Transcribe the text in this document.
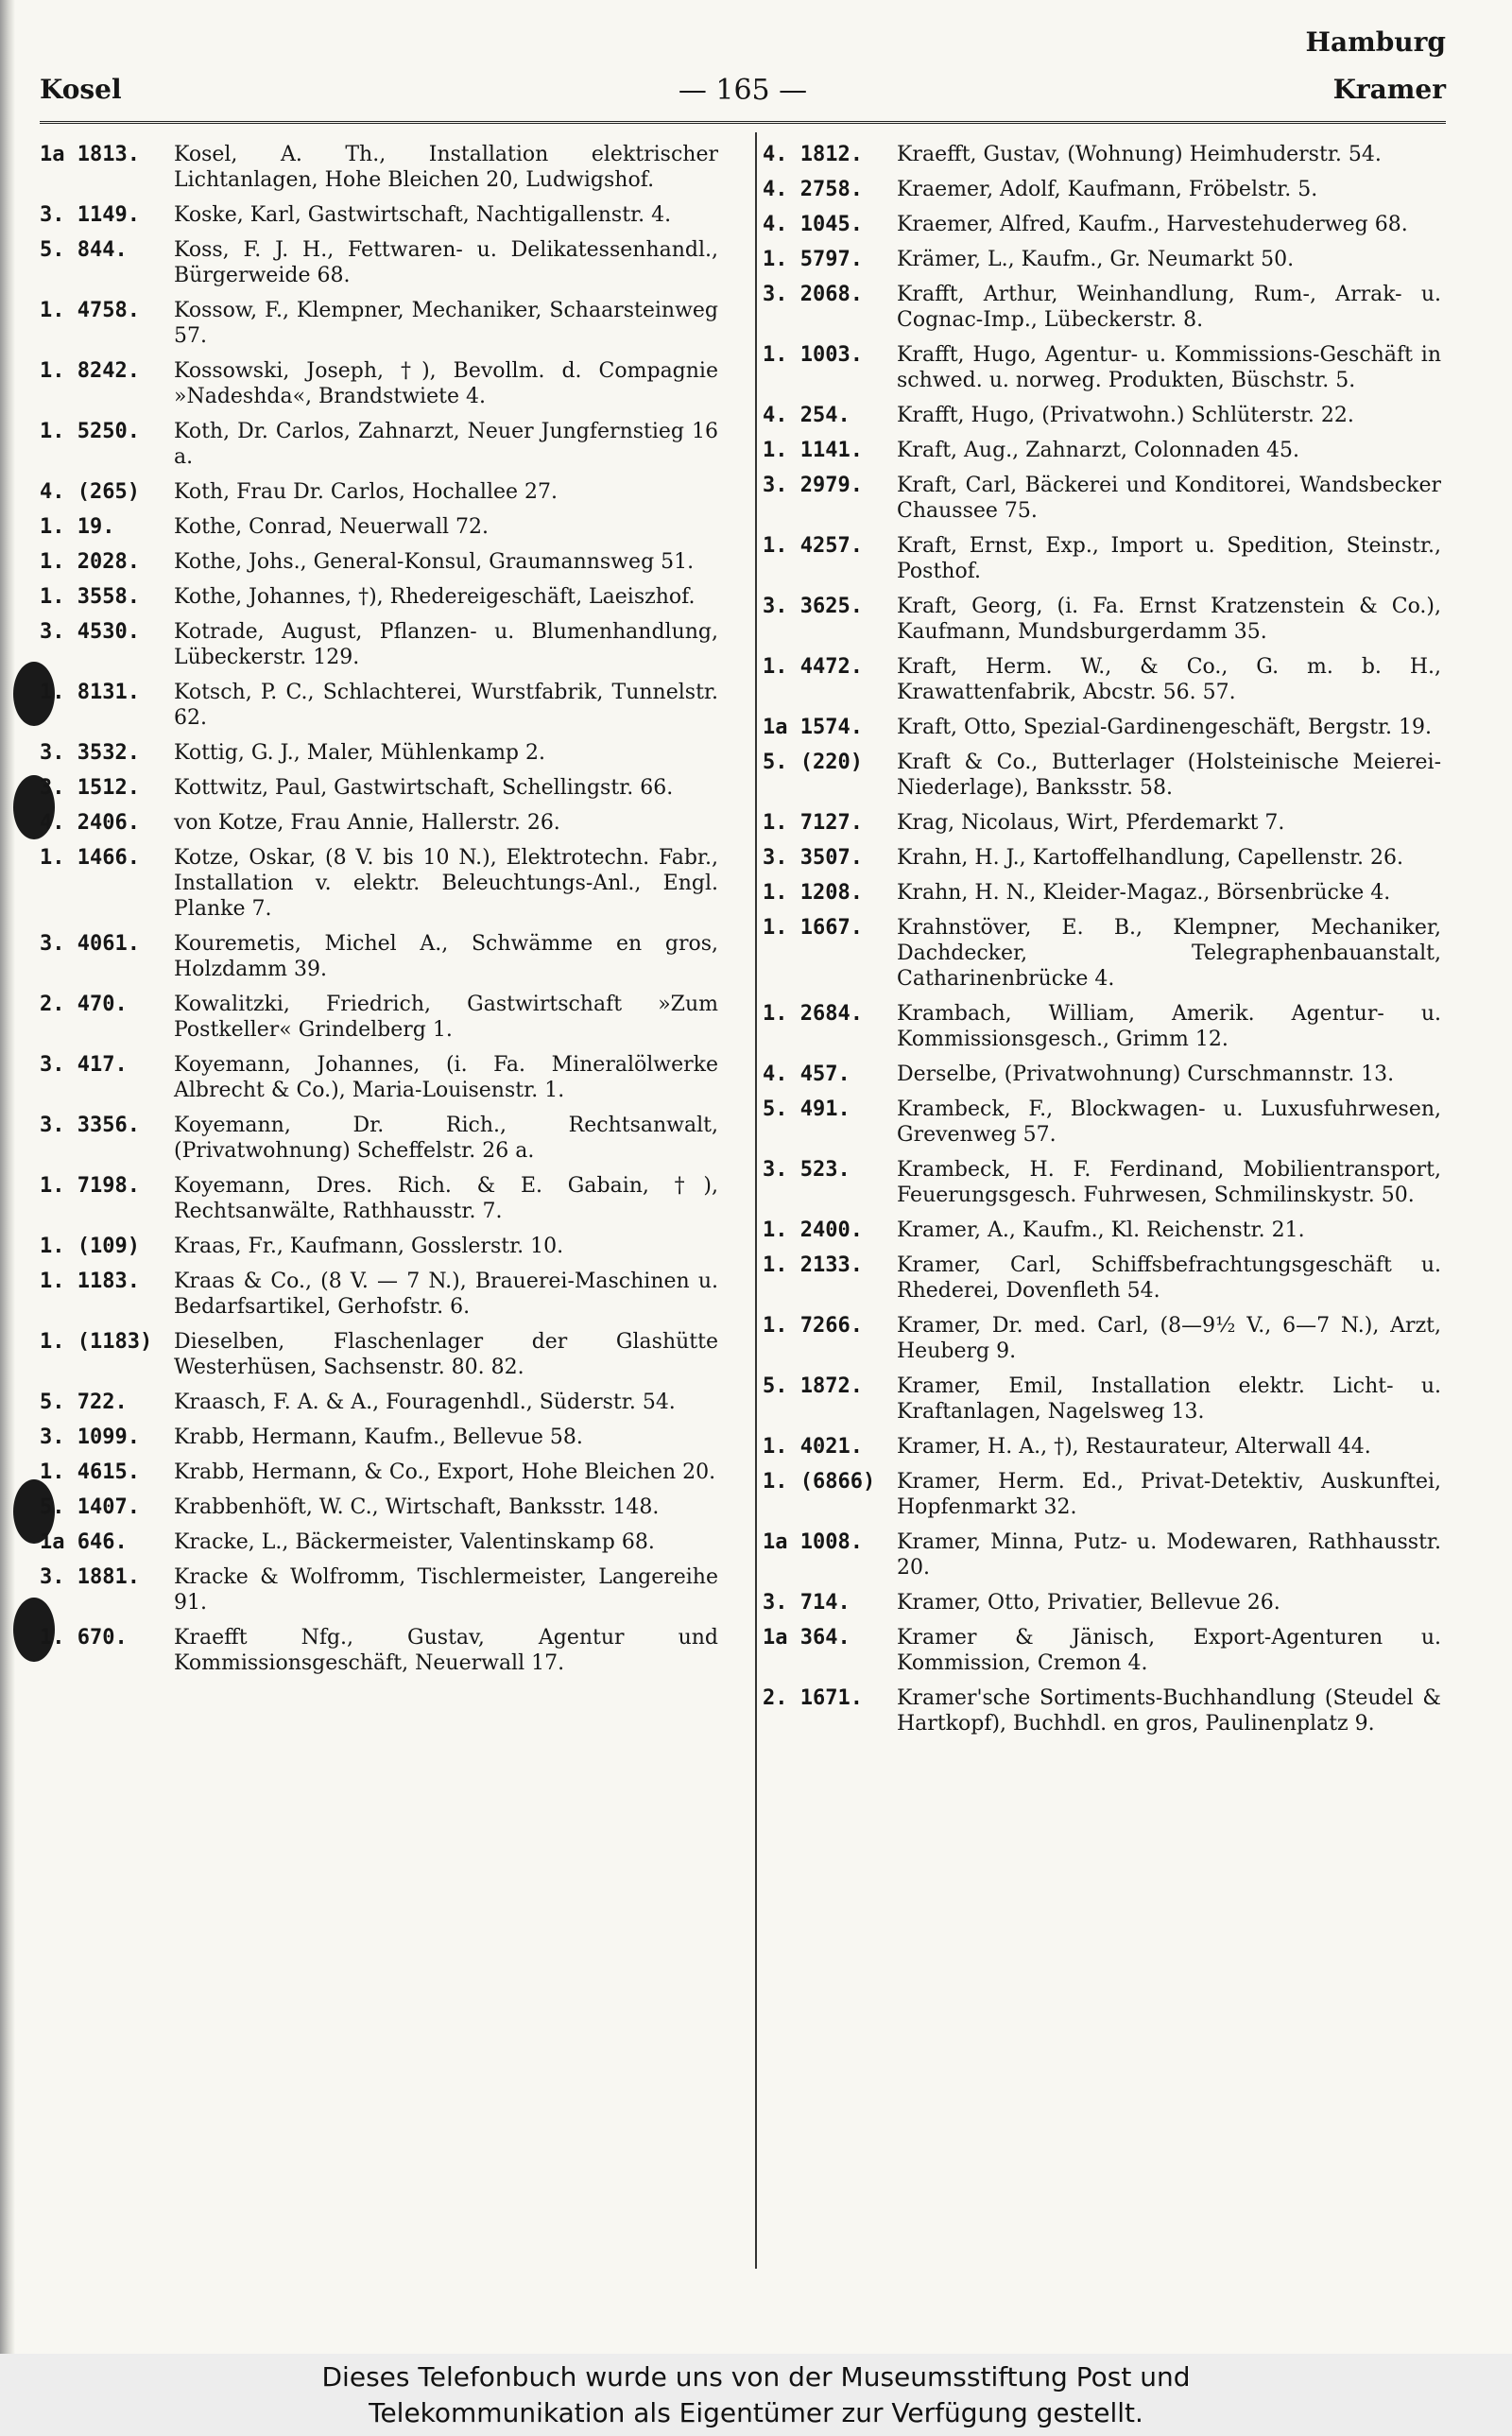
Hamburg
Kosel	— 165 —	Kramer
1a 1813.	Kosel, A. Th., Installation elektrischer Lichtanlagen, Hohe Bleichen 20, Ludwigshof.
3. 1149.	Koske, Karl, Gastwirtschaft, Nachtigallenstr. 4.
5. 844.	Koss, F. J. H., Fettwaren- u. Delikatessenhandl., Bürgerweide 68.
1. 4758.	Kossow, F., Klempner, Mechaniker, Schaarsteinweg 57.
1. 8242.	Kossowski, Joseph, †), Bevollm. d. Compagnie »Nadeshda«, Brandstwiete 4.
1. 5250.	Koth, Dr. Carlos, Zahnarzt, Neuer Jungfernstieg 16 a.
4. (265)	Koth, Frau Dr. Carlos, Hochallee 27.
1. 19.	Kothe, Conrad, Neuerwall 72.
1. 2028.	Kothe, Johs., General-Konsul, Graumannsweg 51.
1. 3558.	Kothe, Johannes, †), Rhedereigeschäft, Laeiszhof.
3. 4530.	Kotrade, August, Pflanzen- u. Blumenhandlung, Lübeckerstr. 129.
1. 8131.	Kotsch, P. C., Schlachterei, Wurstfabrik, Tunnelstr. 62.
3. 3532.	Kottig, G. J., Maler, Mühlenkamp 2.
3. 1512.	Kottwitz, Paul, Gastwirtschaft, Schellingstr. 66.
4. 2406.	von Kotze, Frau Annie, Hallerstr. 26.
1. 1466.	Kotze, Oskar, (8 V. bis 10 N.), Elektrotechn. Fabr., Installation v. elektr. Beleuchtungs-Anl., Engl. Planke 7.
3. 4061.	Kouremetis, Michel A., Schwämme en gros, Holzdamm 39.
2. 470.	Kowalitzki, Friedrich, Gastwirtschaft »Zum Postkeller« Grindelberg 1.
3. 417.	Koyemann, Johannes, (i. Fa. Mineralölwerke Albrecht & Co.), Maria-Louisenstr. 1.
3. 3356.	Koyemann, Dr. Rich., Rechtsanwalt, (Privatwohnung) Scheffelstr. 26 a.
1. 7198.	Koyemann, Dres. Rich. & E. Gabain, †), Rechtsanwälte, Rathhausstr. 7.
1. (109)	Kraas, Fr., Kaufmann, Gosslerstr. 10.
1. 1183.	Kraas & Co., (8 V. — 7 N.), Brauerei-Maschinen u. Bedarfsartikel, Gerhofstr. 6.
1. (1183)	Dieselben, Flaschenlager der Glashütte Westerhüsen, Sachsenstr. 80. 82.
5. 722.	Kraasch, F. A. & A., Fouragenhdl., Süderstr. 54.
3. 1099.	Krabb, Hermann, Kaufm., Bellevue 58.
1. 4615.	Krabb, Hermann, & Co., Export, Hohe Bleichen 20.
5. 1407.	Krabbenhöft, W. C., Wirtschaft, Banksstr. 148.
1a 646.	Kracke, L., Bäckermeister, Valentinskamp 68.
3. 1881.	Kracke & Wolfromm, Tischlermeister, Langereihe 91.
1. 670.	Kraefft Nfg., Gustav, Agentur und Kommissionsgeschäft, Neuerwall 17.
4. 1812.	Kraefft, Gustav, (Wohnung) Heimhuderstr. 54.
4. 2758.	Kraemer, Adolf, Kaufmann, Fröbelstr. 5.
4. 1045.	Kraemer, Alfred, Kaufm., Harvestehuderweg 68.
1. 5797.	Krämer, L., Kaufm., Gr. Neumarkt 50.
3. 2068.	Krafft, Arthur, Weinhandlung, Rum-, Arrak- u. Cognac-Imp., Lübeckerstr. 8.
1. 1003.	Krafft, Hugo, Agentur- u. Kommissions-Geschäft in schwed. u. norweg. Produkten, Büschstr. 5.
4. 254.	Krafft, Hugo, (Privatwohn.) Schlüterstr. 22.
1. 1141.	Kraft, Aug., Zahnarzt, Colonnaden 45.
3. 2979.	Kraft, Carl, Bäckerei und Konditorei, Wandsbecker Chaussee 75.
1. 4257.	Kraft, Ernst, Exp., Import u. Spedition, Steinstr., Posthof.
3. 3625.	Kraft, Georg, (i. Fa. Ernst Kratzenstein & Co.), Kaufmann, Mundsburgerdamm 35.
1. 4472.	Kraft, Herm. W., & Co., G. m. b. H., Krawattenfabrik, Abcstr. 56. 57.
1a 1574.	Kraft, Otto, Spezial-Gardinengeschäft, Bergstr. 19.
5. (220)	Kraft & Co., Butterlager (Holsteinische Meierei-Niederlage), Banksstr. 58.
1. 7127.	Krag, Nicolaus, Wirt, Pferdemarkt 7.
3. 3507.	Krahn, H. J., Kartoffelhandlung, Capellenstr. 26.
1. 1208.	Krahn, H. N., Kleider-Magaz., Börsenbrücke 4.
1. 1667.	Krahnstöver, E. B., Klempner, Mechaniker, Dachdecker, Telegraphenbauanstalt, Catharinenbrücke 4.
1. 2684.	Krambach, William, Amerik. Agentur- u. Kommissionsgesch., Grimm 12.
4. 457.	Derselbe, (Privatwohnung) Curschmannstr. 13.
5. 491.	Krambeck, F., Blockwagen- u. Luxusfuhrwesen, Grevenweg 57.
3. 523.	Krambeck, H. F. Ferdinand, Mobilientransport, Feuerungsgesch. Fuhrwesen, Schmilinskystr. 50.
1. 2400.	Kramer, A., Kaufm., Kl. Reichenstr. 21.
1. 2133.	Kramer, Carl, Schiffsbefrachtungsgeschäft u. Rhederei, Dovenfleth 54.
1. 7266.	Kramer, Dr. med. Carl, (8—9½ V., 6—7 N.), Arzt, Heuberg 9.
5. 1872.	Kramer, Emil, Installation elektr. Licht- u. Kraftanlagen, Nagelsweg 13.
1. 4021.	Kramer, H. A., †), Restaurateur, Alterwall 44.
1. (6866)	Kramer, Herm. Ed., Privat-Detektiv, Auskunftei, Hopfenmarkt 32.
1a 1008.	Kramer, Minna, Putz- u. Modewaren, Rathhausstr. 20.
3. 714.	Kramer, Otto, Privatier, Bellevue 26.
1a 364.	Kramer & Jänisch, Export-Agenturen u. Kommission, Cremon 4.
2. 1671.	Kramer'sche Sortiments-Buchhandlung (Steudel & Hartkopf), Buchhdl. en gros, Paulinenplatz 9.
Dieses Telefonbuch wurde uns von der Museumsstiftung Post und
Telekommunikation als Eigentümer zur Verfügung gestellt.
